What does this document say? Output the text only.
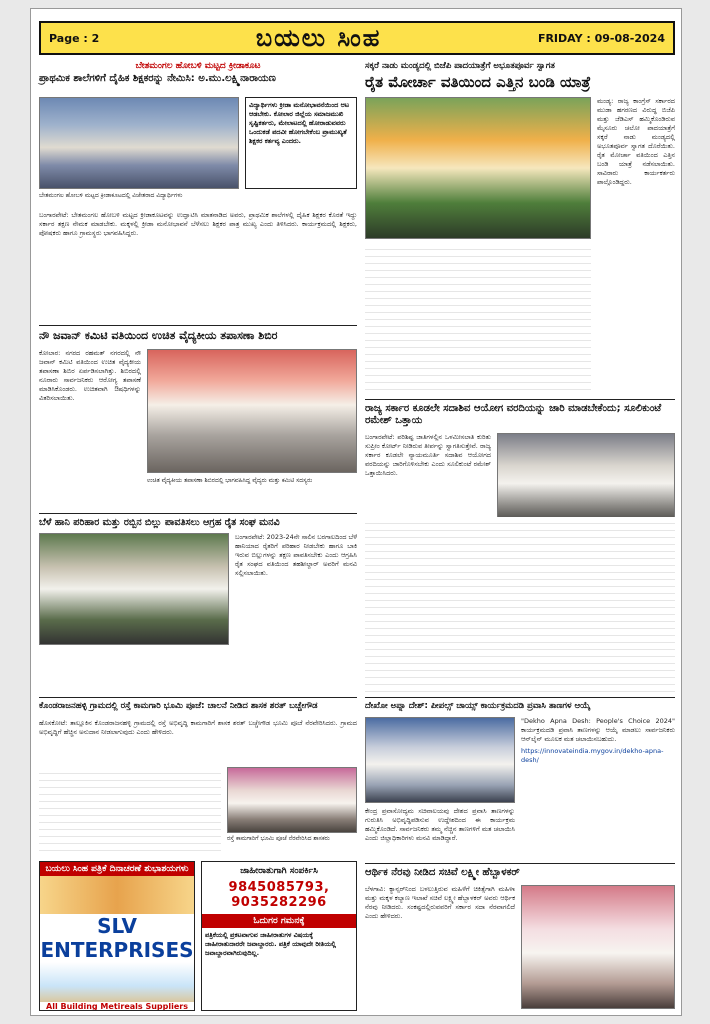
Page : 2	ಬಯಲು ಸಿಂಹ	FRIDAY : 09-08-2024
ಬೇತಮಂಗಲ ಹೋಬಳಿ ಮಟ್ಟದ ಕ್ರೀಡಾಕೂಟ
ಪ್ರಾಥಮಿಕ ಶಾಲೆಗಳಿಗೆ ದೈಹಿಕ ಶಿಕ್ಷಕರನ್ನು ನೇಮಿಸಿ: ಅ.ಮು.ಲಕ್ಷ್ಮಿನಾರಾಯಣ
ವಿದ್ಯಾರ್ಥಿಗಳು ಕ್ರೀಡಾ ಮನೋಭಾವನೆಯಿಂದ ಆಟ ಆಡಬೇಕು. ಕೋಲಾರ ಜಿಲ್ಲೆಯ ಸಮಾಜಮುಖಿ ಸೃಷ್ಟಿಕರ್ತರು, ಮೇಲಾಟದಲ್ಲಿ ಹೋರಾಡುವವರು ಒಂದುಕಡೆ ಪದವೀ ಹೋಗಬೇಕೆಂಬ ಪ್ರಾಮುಖ್ಯತೆ ಶಿಕ್ಷಕರ ಕರ್ತವ್ಯ ಎಂದರು.
ಬೇತಮಂಗಲ ಹೋಬಳಿ ಮಟ್ಟದ ಕ್ರೀಡಾಕೂಟದಲ್ಲಿ ವಿಜೇತರಾದ ವಿದ್ಯಾರ್ಥಿಗಳು

ಬಂಗಾರಪೇಟೆ: ಬೇತಮಂಗಲ ಹೋಬಳಿ ಮಟ್ಟದ ಕ್ರೀಡಾಕೂಟವನ್ನು ಉದ್ಘಾಟಿಸಿ ಮಾತನಾಡಿದ ಅವರು, ಪ್ರಾಥಮಿಕ ಶಾಲೆಗಳಲ್ಲಿ ದೈಹಿಕ ಶಿಕ್ಷಕರ ಕೊರತೆ ಇದ್ದು ಸರ್ಕಾರ ತಕ್ಷಣ ನೇಮಕ ಮಾಡಬೇಕು. ಮಕ್ಕಳಲ್ಲಿ ಕ್ರೀಡಾ ಮನೋಭಾವನೆ ಬೆಳೆಸಲು ಶಿಕ್ಷಕರ ಪಾತ್ರ ಮುಖ್ಯ ಎಂದು ತಿಳಿಸಿದರು. ಕಾರ್ಯಕ್ರಮದಲ್ಲಿ ಶಿಕ್ಷಕರು, ಪೋಷಕರು ಹಾಗೂ ಗ್ರಾಮಸ್ಥರು ಭಾಗವಹಿಸಿದ್ದರು.

ನೌ ಜವಾನ್ ಕಮಿಟಿ ವತಿಯಿಂದ ಉಚಿತ ವೈದ್ಯಕೀಯ ತಪಾಸಣಾ ಶಿಬಿರ

ಕೋಲಾರ: ನಗರದ ರಹಮತ್ ನಗರದಲ್ಲಿ ನೌ ಜವಾನ್ ಕಮಿಟಿ ವತಿಯಿಂದ ಉಚಿತ ವೈದ್ಯಕೀಯ ತಪಾಸಣಾ ಶಿಬಿರ ಏರ್ಪಡಿಸಲಾಗಿತ್ತು. ಶಿಬಿರದಲ್ಲಿ ನೂರಾರು ಸಾರ್ವಜನಿಕರು ಆರೋಗ್ಯ ತಪಾಸಣೆ ಮಾಡಿಸಿಕೊಂಡರು. ಉಚಿತವಾಗಿ ಔಷಧಿಗಳನ್ನು ವಿತರಿಸಲಾಯಿತು.

ಉಚಿತ ವೈದ್ಯಕೀಯ ತಪಾಸಣಾ ಶಿಬಿರದಲ್ಲಿ ಭಾಗವಹಿಸಿದ್ದ ವೈದ್ಯರು ಮತ್ತು ಕಮಿಟಿ ಸದಸ್ಯರು
ಬೆಳೆ ಹಾನಿ ಪರಿಹಾರ ಮತ್ತು ರಬ್ಬಿನ ಬಿಲ್ಲು ಪಾವತಿಸಲು ಆಗ್ರಹ ರೈತ ಸಂಘ ಮನವಿ

ಬಂಗಾರಪೇಟೆ: 2023-24ನೇ ಸಾಲಿನ ಬರಗಾಲದಿಂದ ಬೆಳೆ ಹಾನಿಯಾದ ರೈತರಿಗೆ ಪರಿಹಾರ ನೀಡಬೇಕು ಹಾಗೂ ಬಾಕಿ ಇರುವ ಬಿಲ್ಲುಗಳನ್ನು ತಕ್ಷಣ ಪಾವತಿಸಬೇಕು ಎಂದು ಆಗ್ರಹಿಸಿ ರೈತ ಸಂಘದ ವತಿಯಿಂದ ತಹಶೀಲ್ದಾರ್ ಅವರಿಗೆ ಮನವಿ ಸಲ್ಲಿಸಲಾಯಿತು.

ಕೊಂಡರಾಜನಹಳ್ಳಿ ಗ್ರಾಮದಲ್ಲಿ ರಸ್ತೆ ಕಾಮಗಾರಿ ಭೂಮಿ ಪೂಜೆ: ಚಾಲನೆ ನೀಡಿದ ಶಾಸಕ ಶರತ್ ಬಚ್ಚೇಗೌಡ

ಹೊಸಕೋಟೆ: ತಾಲ್ಲೂಕಿನ ಕೊಂಡರಾಜನಹಳ್ಳಿ ಗ್ರಾಮದಲ್ಲಿ ರಸ್ತೆ ಅಭಿವೃದ್ಧಿ ಕಾಮಗಾರಿಗೆ ಶಾಸಕ ಶರತ್ ಬಚ್ಚೇಗೌಡ ಭೂಮಿ ಪೂಜೆ ನೆರವೇರಿಸಿದರು. ಗ್ರಾಮದ ಅಭಿವೃದ್ಧಿಗೆ ಹೆಚ್ಚಿನ ಅನುದಾನ ನೀಡಲಾಗುವುದು ಎಂದು ಹೇಳಿದರು.

ರಸ್ತೆ ಕಾಮಗಾರಿಗೆ ಭೂಮಿ ಪೂಜೆ ನೆರವೇರಿಸಿದ ಶಾಸಕರು
ಬಯಲು ಸಿಂಹ ಪತ್ರಿಕೆ ದಿನಾಚರಣೆ ಶುಭಾಶಯಗಳು
SLV ENTERPRISES
All Building Metireals Suppliers
ಜಾಹೀರಾತುಗಾಗಿ ಸಂಪರ್ಕಿಸಿ
9845085793, 9035282296
ಓದುಗರ ಗಮನಕ್ಕೆ
ಪತ್ರಿಕೆಯಲ್ಲಿ ಪ್ರಕಟವಾಗುವ ಜಾಹೀರಾತುಗಳ ವಿಷಯಕ್ಕೆ ಜಾಹೀರಾತುದಾರರೇ ಜವಾಬ್ದಾರರು. ಪತ್ರಿಕೆ ಯಾವುದೇ ರೀತಿಯಲ್ಲಿ ಜವಾಬ್ದಾರವಾಗಿರುವುದಿಲ್ಲ.
ಸಕ್ಕರೆ ನಾಡು ಮಂಡ್ಯದಲ್ಲಿ ಬಿಜೆಪಿ ಪಾದಯಾತ್ರೆಗೆ ಅಭೂತಪೂರ್ವ ಸ್ವಾಗತ
ರೈತ ಮೋರ್ಚಾ ವತಿಯಿಂದ ಎತ್ತಿನ ಬಂಡಿ ಯಾತ್ರೆ

ಮಂಡ್ಯ: ರಾಜ್ಯ ಕಾಂಗ್ರೆಸ್ ಸರ್ಕಾರದ ಮುಡಾ ಹಗರಣದ ವಿರುದ್ಧ ಬಿಜೆಪಿ ಮತ್ತು ಜೆಡಿಎಸ್ ಹಮ್ಮಿಕೊಂಡಿರುವ ಮೈಸೂರು ಚಲೋ ಪಾದಯಾತ್ರೆಗೆ ಸಕ್ಕರೆ ನಾಡು ಮಂಡ್ಯದಲ್ಲಿ ಅಭೂತಪೂರ್ವ ಸ್ವಾಗತ ದೊರೆಯಿತು. ರೈತ ಮೋರ್ಚಾ ವತಿಯಿಂದ ಎತ್ತಿನ ಬಂಡಿ ಯಾತ್ರೆ ನಡೆಸಲಾಯಿತು. ಸಾವಿರಾರು ಕಾರ್ಯಕರ್ತರು ಪಾಲ್ಗೊಂಡಿದ್ದರು.

ರಾಜ್ಯ ಸರ್ಕಾರ ಕೂಡಲೇ ಸದಾಶಿವ ಆಯೋಗ ವರದಿಯನ್ನು ಜಾರಿ ಮಾಡಬೇಕೆಂದು; ಸೂಲಿಕುಂಟೆ ರಮೇಶ್ ಒತ್ತಾಯ

ಬಂಗಾರಪೇಟೆ: ಪರಿಶಿಷ್ಟ ಜಾತಿಗಳಲ್ಲಿನ ಒಳಮೀಸಲಾತಿ ಕುರಿತು ಸುಪ್ರೀಂ ಕೋರ್ಟ್ ನೀಡಿರುವ ತೀರ್ಪನ್ನು ಸ್ವಾಗತಿಸುತ್ತೇವೆ. ರಾಜ್ಯ ಸರ್ಕಾರ ಕೂಡಲೇ ನ್ಯಾಯಮೂರ್ತಿ ಸದಾಶಿವ ಆಯೋಗದ ವರದಿಯನ್ನು ಜಾರಿಗೊಳಿಸಬೇಕು ಎಂದು ಸೂಲಿಕುಂಟೆ ರಮೇಶ್ ಒತ್ತಾಯಿಸಿದರು.

ದೇಖೋ ಅಪ್ನಾ ದೇಶ್: ಪೀಪಲ್ಸ್ ಚಾಯ್ಸ್ ಕಾರ್ಯಕ್ರಮದಡಿ ಪ್ರವಾಸಿ ತಾಣಗಳ ಆಯ್ಕೆ

"Dekho Apna Desh: People's Choice 2024" ಕಾರ್ಯಕ್ರಮದಡಿ ಪ್ರವಾಸಿ ತಾಣಗಳನ್ನು ಆಯ್ಕೆ ಮಾಡಲು ಸಾರ್ವಜನಿಕರು ಆನ್‌ಲೈನ್ ಮೂಲಕ ಮತ ಚಲಾಯಿಸಬಹುದು.

https://innovateindia.mygov.in/dekho-apna-desh/

ಕೇಂದ್ರ ಪ್ರವಾಸೋದ್ಯಮ ಸಚಿವಾಲಯವು ದೇಶದ ಪ್ರವಾಸಿ ತಾಣಗಳನ್ನು ಗುರುತಿಸಿ ಅಭಿವೃದ್ಧಿಪಡಿಸುವ ಉದ್ದೇಶದಿಂದ ಈ ಕಾರ್ಯಕ್ರಮ ಹಮ್ಮಿಕೊಂಡಿದೆ. ಸಾರ್ವಜನಿಕರು ತಮ್ಮ ನೆಚ್ಚಿನ ತಾಣಗಳಿಗೆ ಮತ ಚಲಾಯಿಸಿ ಎಂದು ಜಿಲ್ಲಾಧಿಕಾರಿಗಳು ಮನವಿ ಮಾಡಿದ್ದಾರೆ.

ಆರ್ಥಿಕ ನೆರವು ನೀಡಿದ ಸಚಿವೆ ಲಕ್ಷ್ಮೀ ಹೆಬ್ಬಾಳಕರ್

ಬೆಳಗಾವಿ: ಕ್ಯಾನ್ಸರ್‌ನಿಂದ ಬಳಲುತ್ತಿರುವ ಮಹಿಳೆಗೆ ಚಿಕಿತ್ಸೆಗಾಗಿ ಮಹಿಳಾ ಮತ್ತು ಮಕ್ಕಳ ಕಲ್ಯಾಣ ಇಲಾಖೆ ಸಚಿವೆ ಲಕ್ಷ್ಮೀ ಹೆಬ್ಬಾಳಕರ್ ಅವರು ಆರ್ಥಿಕ ನೆರವು ನೀಡಿದರು. ಸಂಕಷ್ಟದಲ್ಲಿರುವವರಿಗೆ ಸರ್ಕಾರ ಸದಾ ನೆರವಾಗಲಿದೆ ಎಂದು ಹೇಳಿದರು.
